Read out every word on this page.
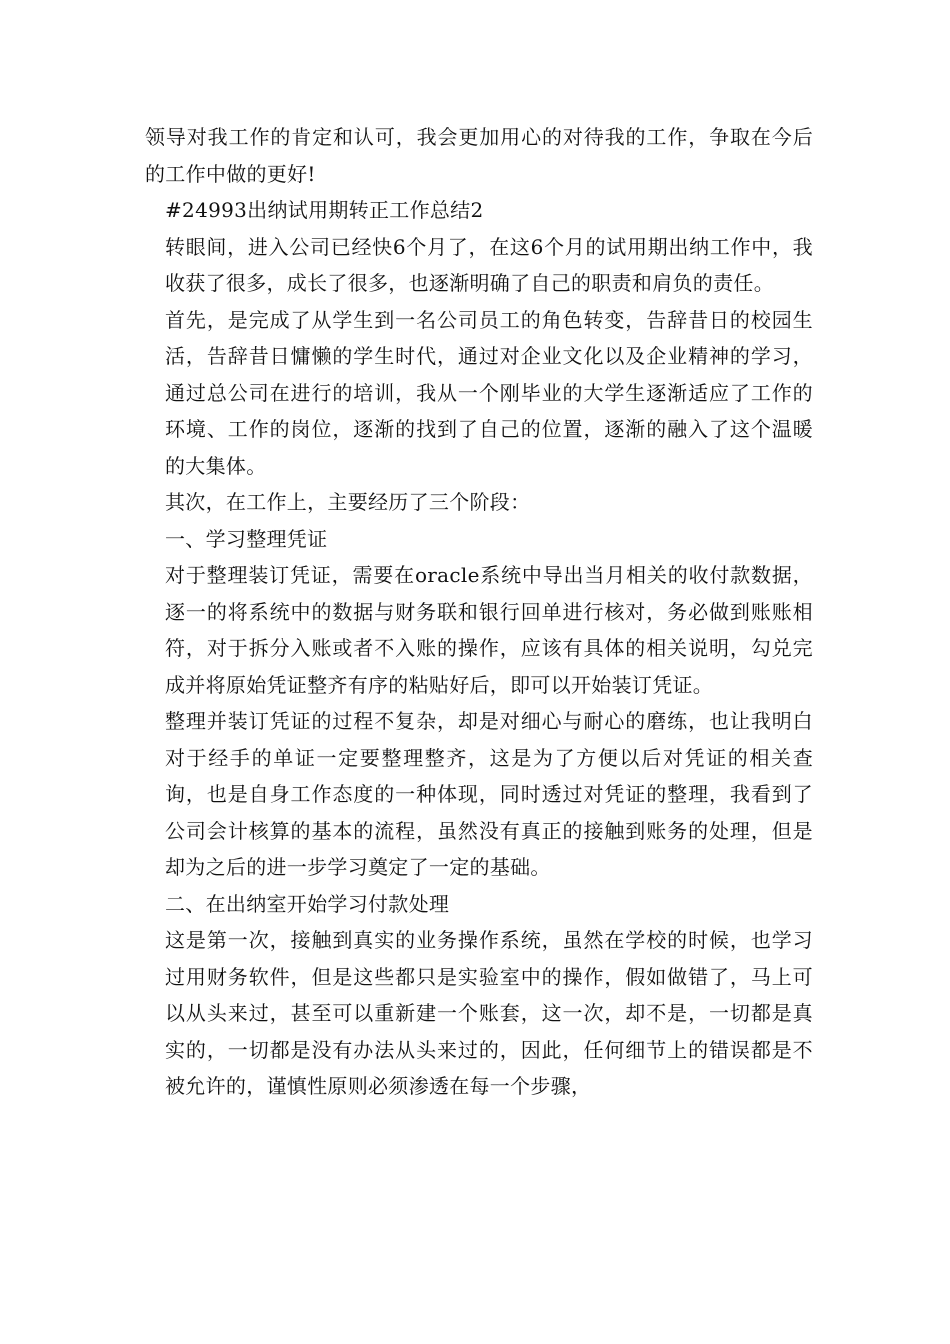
领导对我工作的肯定和认可，我会更加用心的对待我的工作，争取在今后的工作中做的更好!

#24993出纳试用期转正工作总结2

转眼间，进入公司已经快6个月了，在这6个月的试用期出纳工作中，我收获了很多，成长了很多，也逐渐明确了自己的职责和肩负的责任。

首先，是完成了从学生到一名公司员工的角色转变，告辞昔日的校园生活，告辞昔日慵懒的学生时代，通过对企业文化以及企业精神的学习，通过总公司在进行的培训，我从一个刚毕业的大学生逐渐适应了工作的环境、工作的岗位，逐渐的找到了自己的位置，逐渐的融入了这个温暖的大集体。

其次，在工作上，主要经历了三个阶段：

一、学习整理凭证

对于整理装订凭证，需要在oracle系统中导出当月相关的收付款数据，逐一的将系统中的数据与财务联和银行回单进行核对，务必做到账账相符，对于拆分入账或者不入账的操作，应该有具体的相关说明，勾兑完成并将原始凭证整齐有序的粘贴好后，即可以开始装订凭证。

整理并装订凭证的过程不复杂，却是对细心与耐心的磨练，也让我明白对于经手的单证一定要整理整齐，这是为了方便以后对凭证的相关查询，也是自身工作态度的一种体现，同时透过对凭证的整理，我看到了公司会计核算的基本的流程，虽然没有真正的接触到账务的处理，但是却为之后的进一步学习奠定了一定的基础。

二、在出纳室开始学习付款处理

这是第一次，接触到真实的业务操作系统，虽然在学校的时候，也学习过用财务软件，但是这些都只是实验室中的操作，假如做错了，马上可以从头来过，甚至可以重新建一个账套，这一次，却不是，一切都是真实的，一切都是没有办法从头来过的，因此，任何细节上的错误都是不被允许的，谨慎性原则必须渗透在每一个步骤，
